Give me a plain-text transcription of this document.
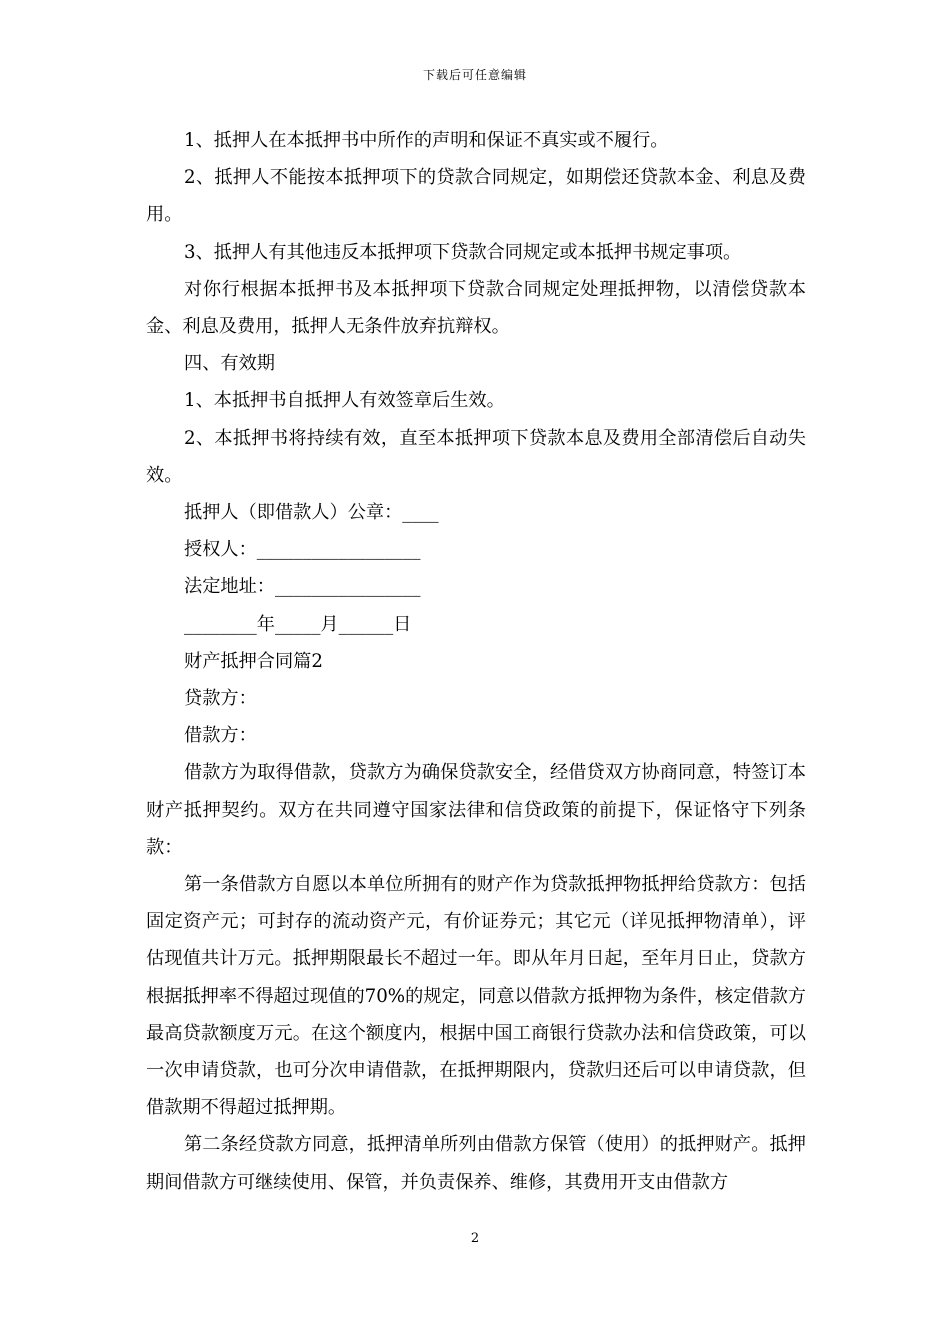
下载后可任意编辑

1、抵押人在本抵押书中所作的声明和保证不真实或不履行。

2、抵押人不能按本抵押项下的贷款合同规定，如期偿还贷款本金、利息及费用。

3、抵押人有其他违反本抵押项下贷款合同规定或本抵押书规定事项。

对你行根据本抵押书及本抵押项下贷款合同规定处理抵押物，以清偿贷款本金、利息及费用，抵押人无条件放弃抗辩权。

四、有效期

1、本抵押书自抵押人有效签章后生效。

2、本抵押书将持续有效，直至本抵押项下贷款本息及费用全部清偿后自动失效。

抵押人（即借款人）公章：____

授权人：__________________

法定地址：________________

________年_____月______日

财产抵押合同篇2

贷款方：

借款方：

借款方为取得借款，贷款方为确保贷款安全，经借贷双方协商同意，特签订本财产抵押契约。双方在共同遵守国家法律和信贷政策的前提下，保证恪守下列条款：

第一条借款方自愿以本单位所拥有的财产作为贷款抵押物抵押给贷款方：包括固定资产元；可封存的流动资产元，有价证券元；其它元（详见抵押物清单），评估现值共计万元。抵押期限最长不超过一年。即从年月日起，至年月日止，贷款方根据抵押率不得超过现值的70%的规定，同意以借款方抵押物为条件，核定借款方最高贷款额度万元。在这个额度内，根据中国工商银行贷款办法和信贷政策，可以一次申请贷款，也可分次申请借款，在抵押期限内，贷款归还后可以申请贷款，但借款期不得超过抵押期。

第二条经贷款方同意，抵押清单所列由借款方保管（使用）的抵押财产。抵押期间借款方可继续使用、保管，并负责保养、维修，其费用开支由借款方

2
